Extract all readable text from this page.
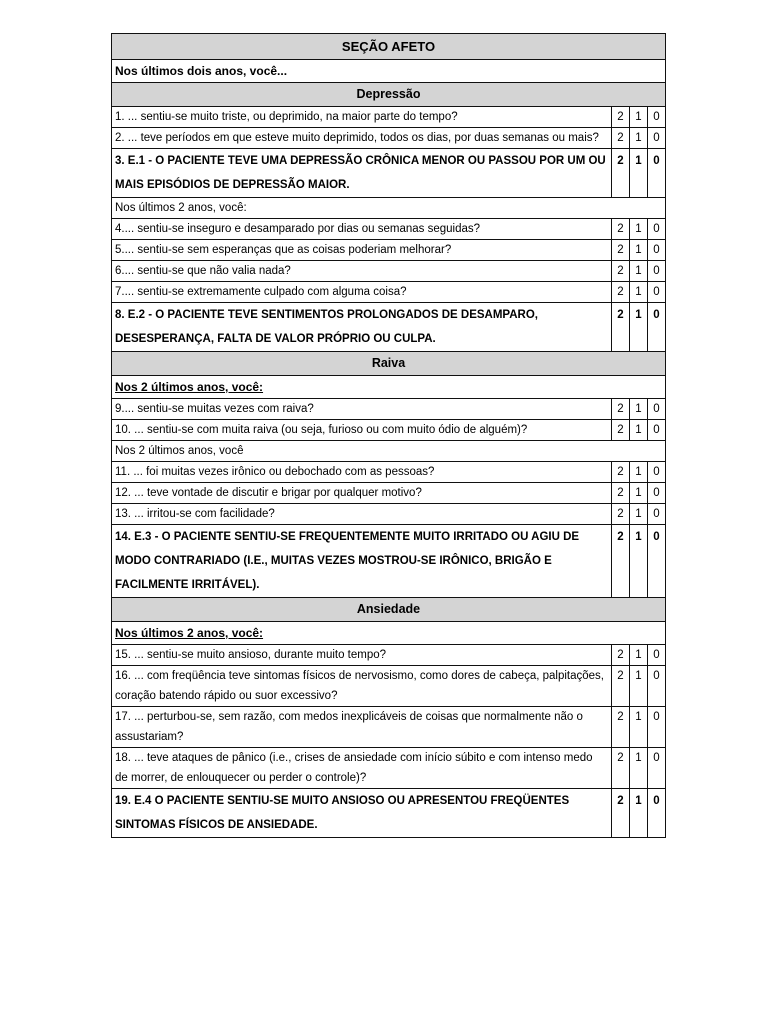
SEÇÃO AFETO			
Nos últimos dois anos, você...			
Depressão			
1. ... sentiu-se muito triste, ou deprimido, na maior parte do tempo?	2	1	0
2. ... teve períodos em que esteve muito deprimido, todos os dias, por duas semanas ou mais?	2	1	0
3. E.1 - O PACIENTE TEVE UMA DEPRESSÃO CRÔNICA MENOR OU PASSOU POR UM OU MAIS EPISÓDIOS DE DEPRESSÃO MAIOR.	2	1	0
Nos últimos 2 anos, você:			
4.... sentiu-se inseguro e desamparado por dias ou semanas seguidas?	2	1	0
5.... sentiu-se sem esperanças que as coisas poderiam melhorar?	2	1	0
6.... sentiu-se que não valia nada?	2	1	0
7.... sentiu-se extremamente culpado com alguma coisa?	2	1	0
8. E.2 - O PACIENTE TEVE SENTIMENTOS PROLONGADOS DE DESAMPARO, DESESPERANÇA, FALTA DE VALOR PRÓPRIO OU CULPA.	2	1	0
Raiva			
Nos 2 últimos anos, você:			
9.... sentiu-se muitas vezes com raiva?	2	1	0
10. ... sentiu-se com muita raiva (ou seja, furioso ou com muito ódio de alguém)?	2	1	0
Nos 2 últimos anos, você			
11. ... foi muitas vezes irônico ou debochado com as pessoas?	2	1	0
12. ... teve vontade de discutir e brigar por qualquer motivo?	2	1	0
13. ... irritou-se com facilidade?	2	1	0
14. E.3 - O PACIENTE SENTIU-SE FREQUENTEMENTE MUITO IRRITADO OU AGIU DE MODO CONTRARIADO (I.E., MUITAS VEZES MOSTROU-SE IRÔNICO, BRIGÃO E FACILMENTE IRRITÁVEL).	2	1	0
Ansiedade			
Nos últimos 2 anos, você:			
15. ... sentiu-se muito ansioso, durante muito tempo?	2	1	0
16. ... com freqüência teve sintomas físicos de nervosismo, como dores de cabeça, palpitações, coração batendo rápido ou suor excessivo?	2	1	0
17. ... perturbou-se, sem razão, com medos inexplicáveis de coisas que normalmente não o assustariam?	2	1	0
18. ... teve ataques de pânico (i.e., crises de ansiedade com início súbito e com intenso medo de morrer, de enlouquecer ou perder o controle)?	2	1	0
19. E.4 O PACIENTE SENTIU-SE MUITO ANSIOSO OU APRESENTOU FREQÜENTES SINTOMAS FÍSICOS DE ANSIEDADE.	2	1	0
